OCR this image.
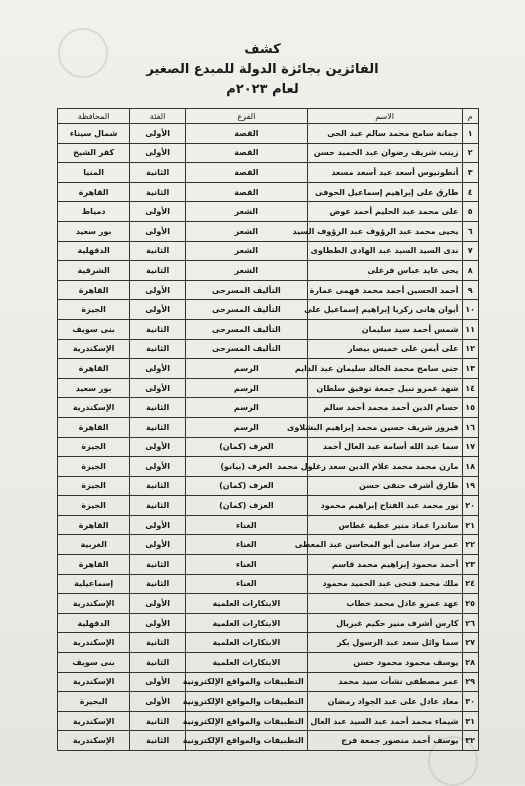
كشف
الفائزين بجائزة الدولة للمبدع الصغير
لعام ٢٠٢٣م
م	الاسم	الفرع	الفئة	المحافظة
١	جمانة سامح محمد سالم عبد الحى	القصة	الأولى	شمال سيناء
٢	زينب شريف رضوان عبد الحميد حسن	القصة	الأولى	كفر الشيخ
٣	أنطونيوس أسعد عيد أسعد مسعد	القصة	الثانية	المنيا
٤	طارق على إبراهيم إسماعيل الحوفى	القصة	الثانية	القاهرة
٥	على محمد عبد الحليم أحمد عوض	الشعر	الأولى	دمياط
٦	يحيى محمد عبد الرؤوف عبد الرؤوف السيد	الشعر	الأولى	بور سعيد
٧	ندى السيد السيد عبد الهادى الططاوى	الشعر	الثانية	الدقهلية
٨	يحى عايد عباس فرغلى	الشعر	الثانية	الشرقية
٩	أحمد الحسين أحمد محمد فهمى عمارة	التأليف المسرحى	الأولى	القاهرة
١٠	أيوان هانى زكريا إبراهيم إسماعيل على	التأليف المسرحى	الأولى	الجيزة
١١	شمس أحمد سيد سليمان	التأليف المسرحى	الثانية	بنى سويف
١٢	على أيمن على خميس بيصار	التأليف المسرحى	الثانية	الإسكندرية
١٣	جنى سامح محمد الخالد سليمان عبد الدايم	الرسم	الأولى	القاهرة
١٤	شهد عمرو نبيل جمعة توفيق سلطان	الرسم	الأولى	بور سعيد
١٥	حسام الدين أحمد محمد أحمد سالم	الرسم	الثانية	الإسكندرية
١٦	فيروز شريف حسين محمد إبراهيم البشلاوى	الرسم	الثانية	القاهرة
١٧	سما عبد الله أسامة عبد العال أحمد	العزف (كمان)	الأولى	الجيزة
١٨	مازن محمد محمد علام الدين سعد زغلول محمد	العزف (بيانو)	الأولى	الجيزة
١٩	طارق أشرف حنفى حسن	العزف (كمان)	الثانية	الجيزة
٢٠	نور محمد عبد الفتاح إبراهيم محمود	العزف (كمان)	الثانية	الجيزة
٢١	ساندرا عماد منير عطية غطاس	الغناء	الأولى	القاهرة
٢٢	عمر مراد سامى أبو المحاسن عبد المعطى	الغناء	الأولى	الغربية
٢٣	أحمد محمود إبراهيم محمد قاسم	الغناء	الثانية	القاهرة
٢٤	ملك محمد فتحى عبد الحميد محمود	الغناء	الثانية	إسماعيلية
٢٥	عهد عمرو عادل محمد خطاب	الابتكارات العلمية	الأولى	الإسكندرية
٢٦	كارس أشرف منير حكيم غبريال	الابتكارات العلمية	الأولى	الدقهلية
٢٧	سما وائل سعد عبد الرسول بكر	الابتكارات العلمية	الثانية	الإسكندرية
٢٨	يوسف محمود محمود حسن	الابتكارات العلمية	الثانية	بنى سويف
٢٩	عمر مصطفى نشأت سيد محمد	التطبيقات والمواقع الإلكترونية	الأولى	الإسكندرية
٣٠	معاذ عادل على عبد الجواد رمضان	التطبيقات والمواقع الإلكترونية	الأولى	البحيرة
٣١	شيماء محمد أحمد عبد السيد عبد العال	التطبيقات والمواقع الإلكترونية	الثانية	الإسكندرية
٣٢	يوسف أحمد منصور جمعة فرج	التطبيقات والمواقع الإلكترونية	الثانية	الإسكندرية
